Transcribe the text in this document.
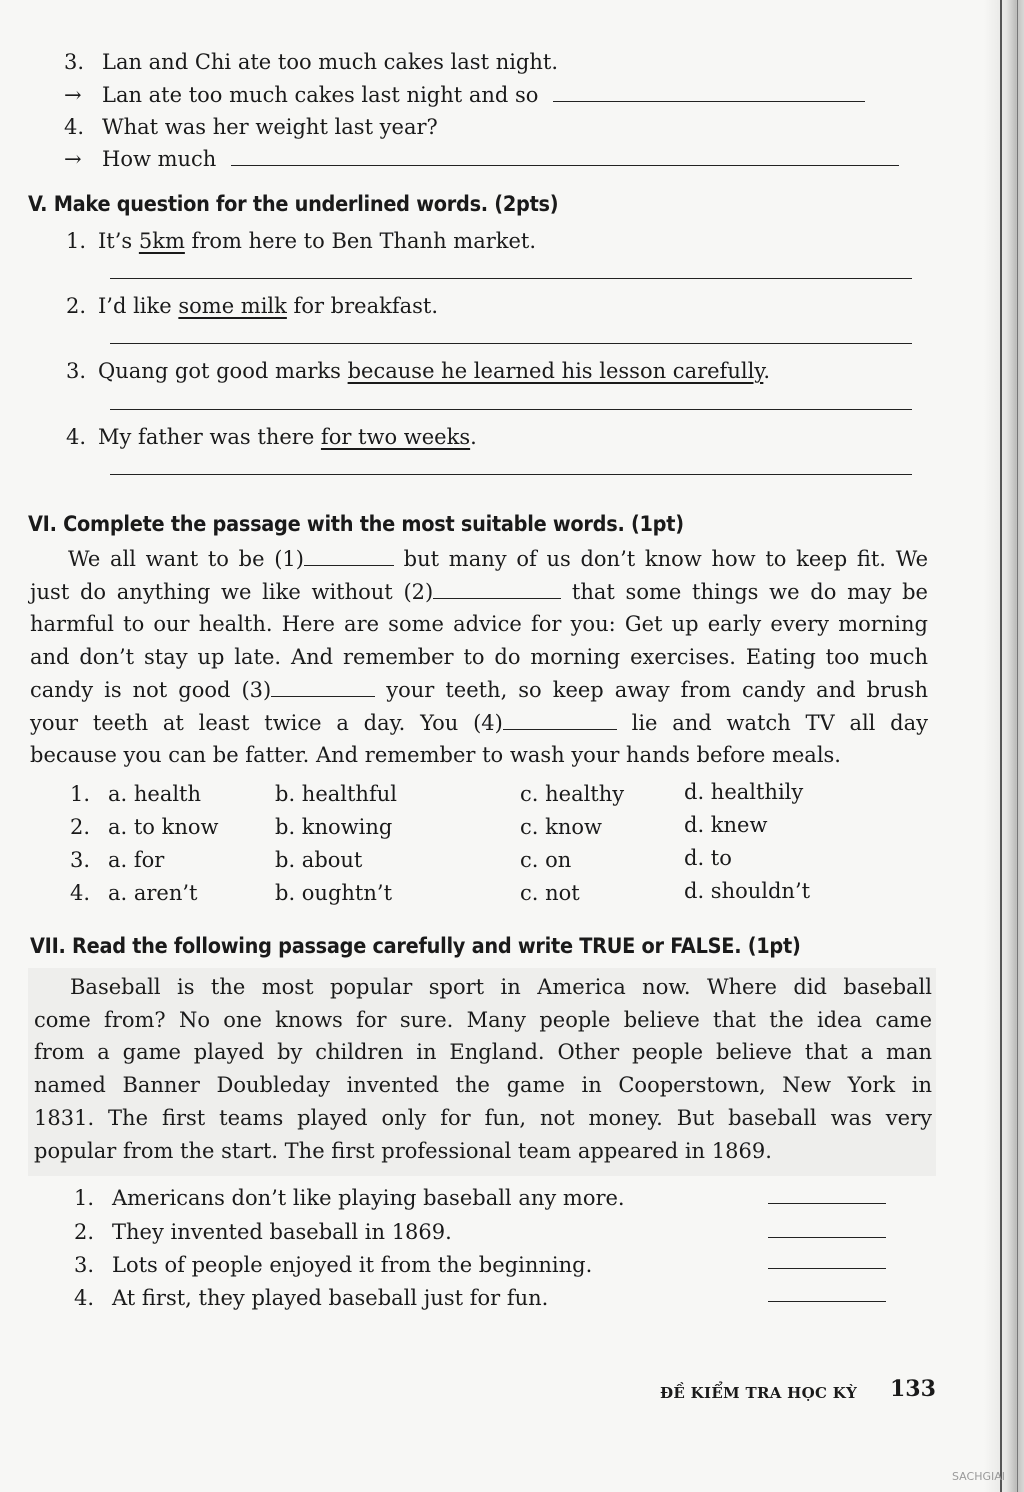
3. Lan and Chi ate too much cakes last night.
→ Lan ate too much cakes last night and so
4. What was her weight last year?
→ How much
V. Make question for the underlined words. (2pts)
1. It’s 5km from here to Ben Thanh market.
2. I’d like some milk for breakfast.
3. Quang got good marks because he learned his lesson carefully.
4. My father was there for two weeks.
VI. Complete the passage with the most suitable words. (1pt)
We all want to be (1)	but many of us don’t know how to keep fit. We
just do anything we like without (2)	that some things we do may be
harmful to our health. Here are some advice for you: Get up early every morning
and don’t stay up late. And remember to do morning exercises. Eating too much
candy is not good (3)	your teeth, so keep away from candy and brush
your teeth at least twice a day. You (4)	lie and watch TV all day
because you can be fatter. And remember to wash your hands before meals.
1. a. health	b. healthful	c. healthy	d. healthily
2. a. to know	b. knowing	c. know	d. knew
3. a. for	b. about	c. on	d. to
4. a. aren’t	b. oughtn’t	c. not	d. shouldn’t
VII. Read the following passage carefully and write TRUE or FALSE. (1pt)
Baseball is the most popular sport in America now. Where did baseball
come from? No one knows for sure. Many people believe that the idea came
from a game played by children in England. Other people believe that a man
named Banner Doubleday invented the game in Cooperstown, New York in
1831. The first teams played only for fun, not money. But baseball was very
popular from the start. The first professional team appeared in 1869.
1. Americans don’t like playing baseball any more.
2. They invented baseball in 1869.
3. Lots of people enjoyed it from the beginning.
4. At first, they played baseball just for fun.
ĐỀ KIỂM TRA HỌC KỲ 133
SACHGIAI
